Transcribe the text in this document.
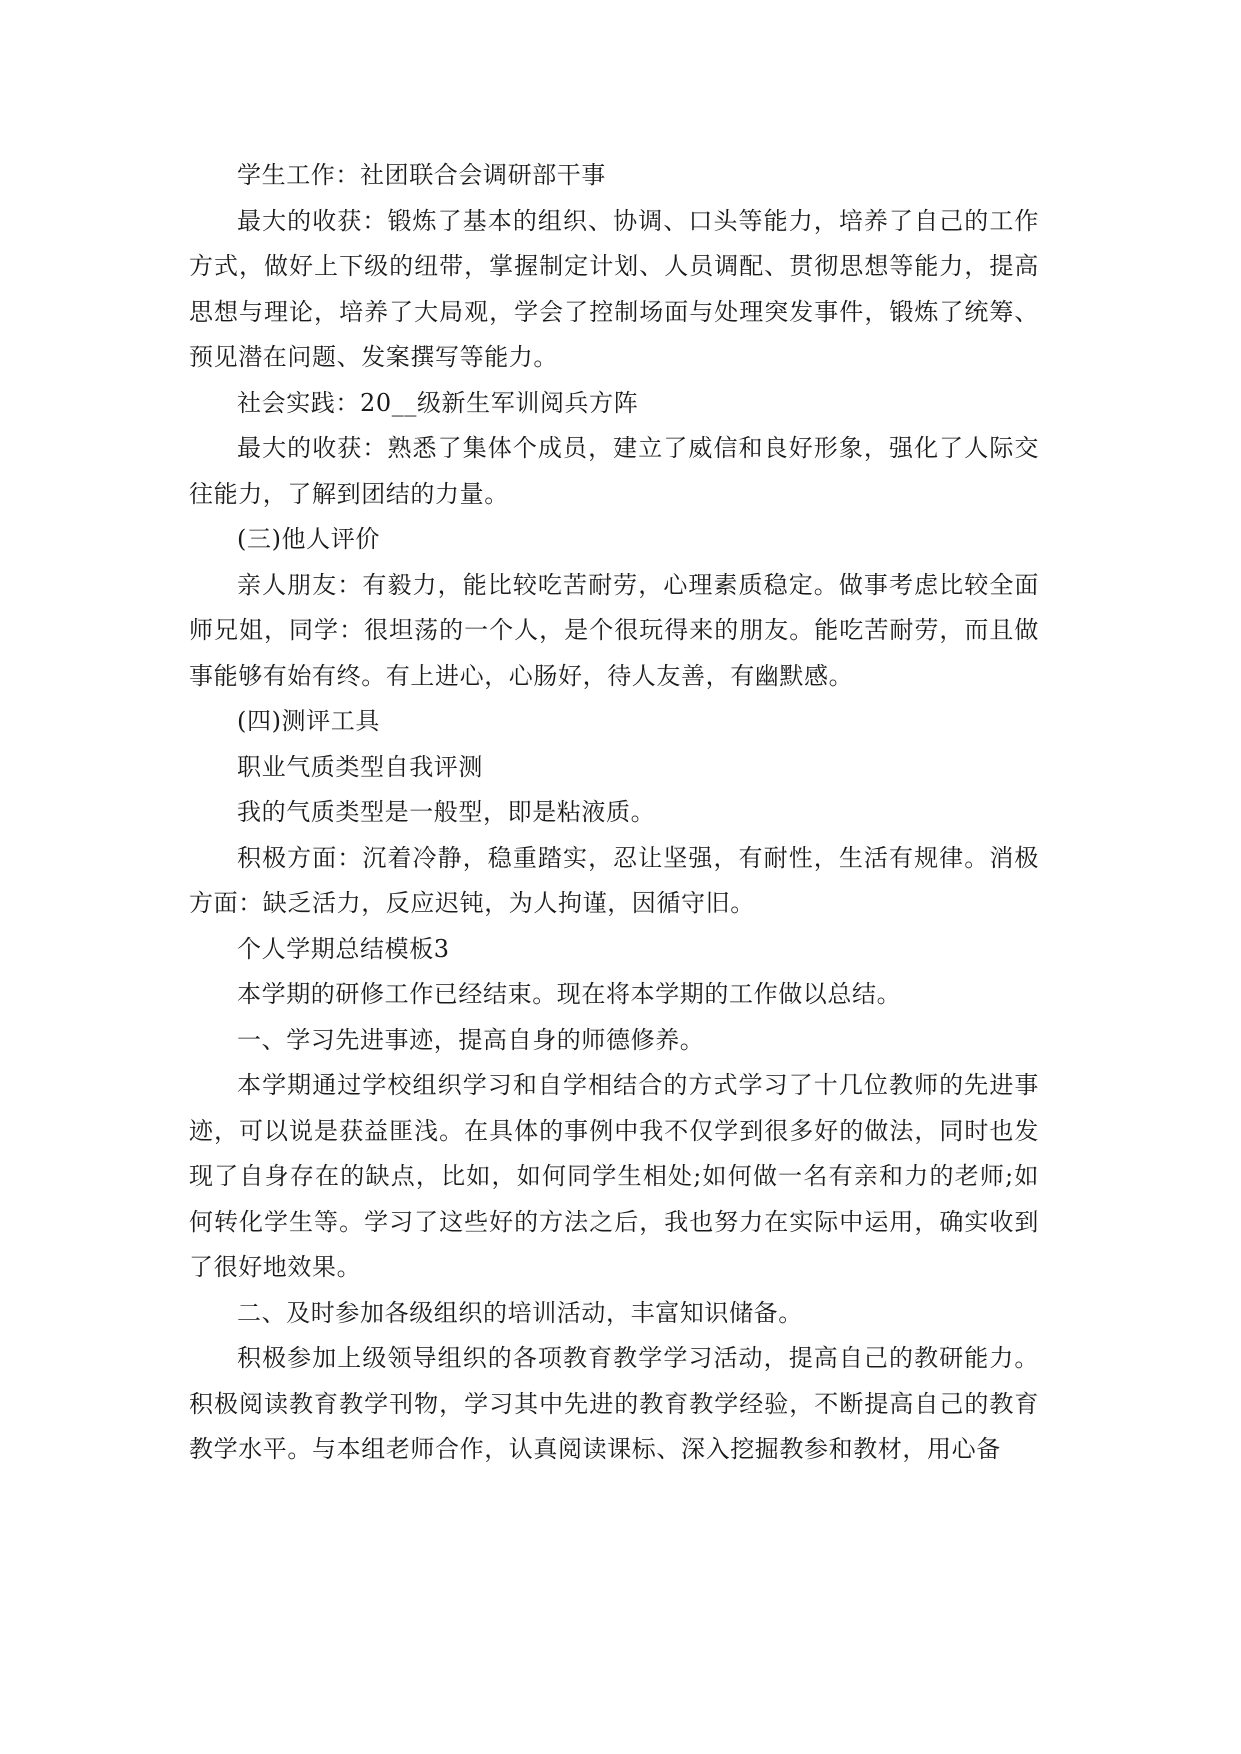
学生工作：社团联合会调研部干事

最大的收获：锻炼了基本的组织、协调、口头等能力，培养了自己的工作方式，做好上下级的纽带，掌握制定计划、人员调配、贯彻思想等能力，提高思想与理论，培养了大局观，学会了控制场面与处理突发事件，锻炼了统筹、预见潜在问题、发案撰写等能力。

社会实践：20__级新生军训阅兵方阵

最大的收获：熟悉了集体个成员，建立了威信和良好形象，强化了人际交往能力，了解到团结的力量。

(三)他人评价

亲人朋友：有毅力，能比较吃苦耐劳，心理素质稳定。做事考虑比较全面师兄姐，同学：很坦荡的一个人，是个很玩得来的朋友。能吃苦耐劳，而且做事能够有始有终。有上进心，心肠好，待人友善，有幽默感。

(四)测评工具

职业气质类型自我评测

我的气质类型是一般型，即是粘液质。

积极方面：沉着冷静，稳重踏实，忍让坚强，有耐性，生活有规律。消极方面：缺乏活力，反应迟钝，为人拘谨，因循守旧。

个人学期总结模板3

本学期的研修工作已经结束。现在将本学期的工作做以总结。

一、学习先进事迹，提高自身的师德修养。

本学期通过学校组织学习和自学相结合的方式学习了十几位教师的先进事迹，可以说是获益匪浅。在具体的事例中我不仅学到很多好的做法，同时也发现了自身存在的缺点，比如，如何同学生相处;如何做一名有亲和力的老师;如何转化学生等。学习了这些好的方法之后，我也努力在实际中运用，确实收到了很好地效果。

二、及时参加各级组织的培训活动，丰富知识储备。

积极参加上级领导组织的各项教育教学学习活动，提高自己的教研能力。积极阅读教育教学刊物，学习其中先进的教育教学经验，不断提高自己的教育教学水平。与本组老师合作，认真阅读课标、深入挖掘教参和教材，用心备
